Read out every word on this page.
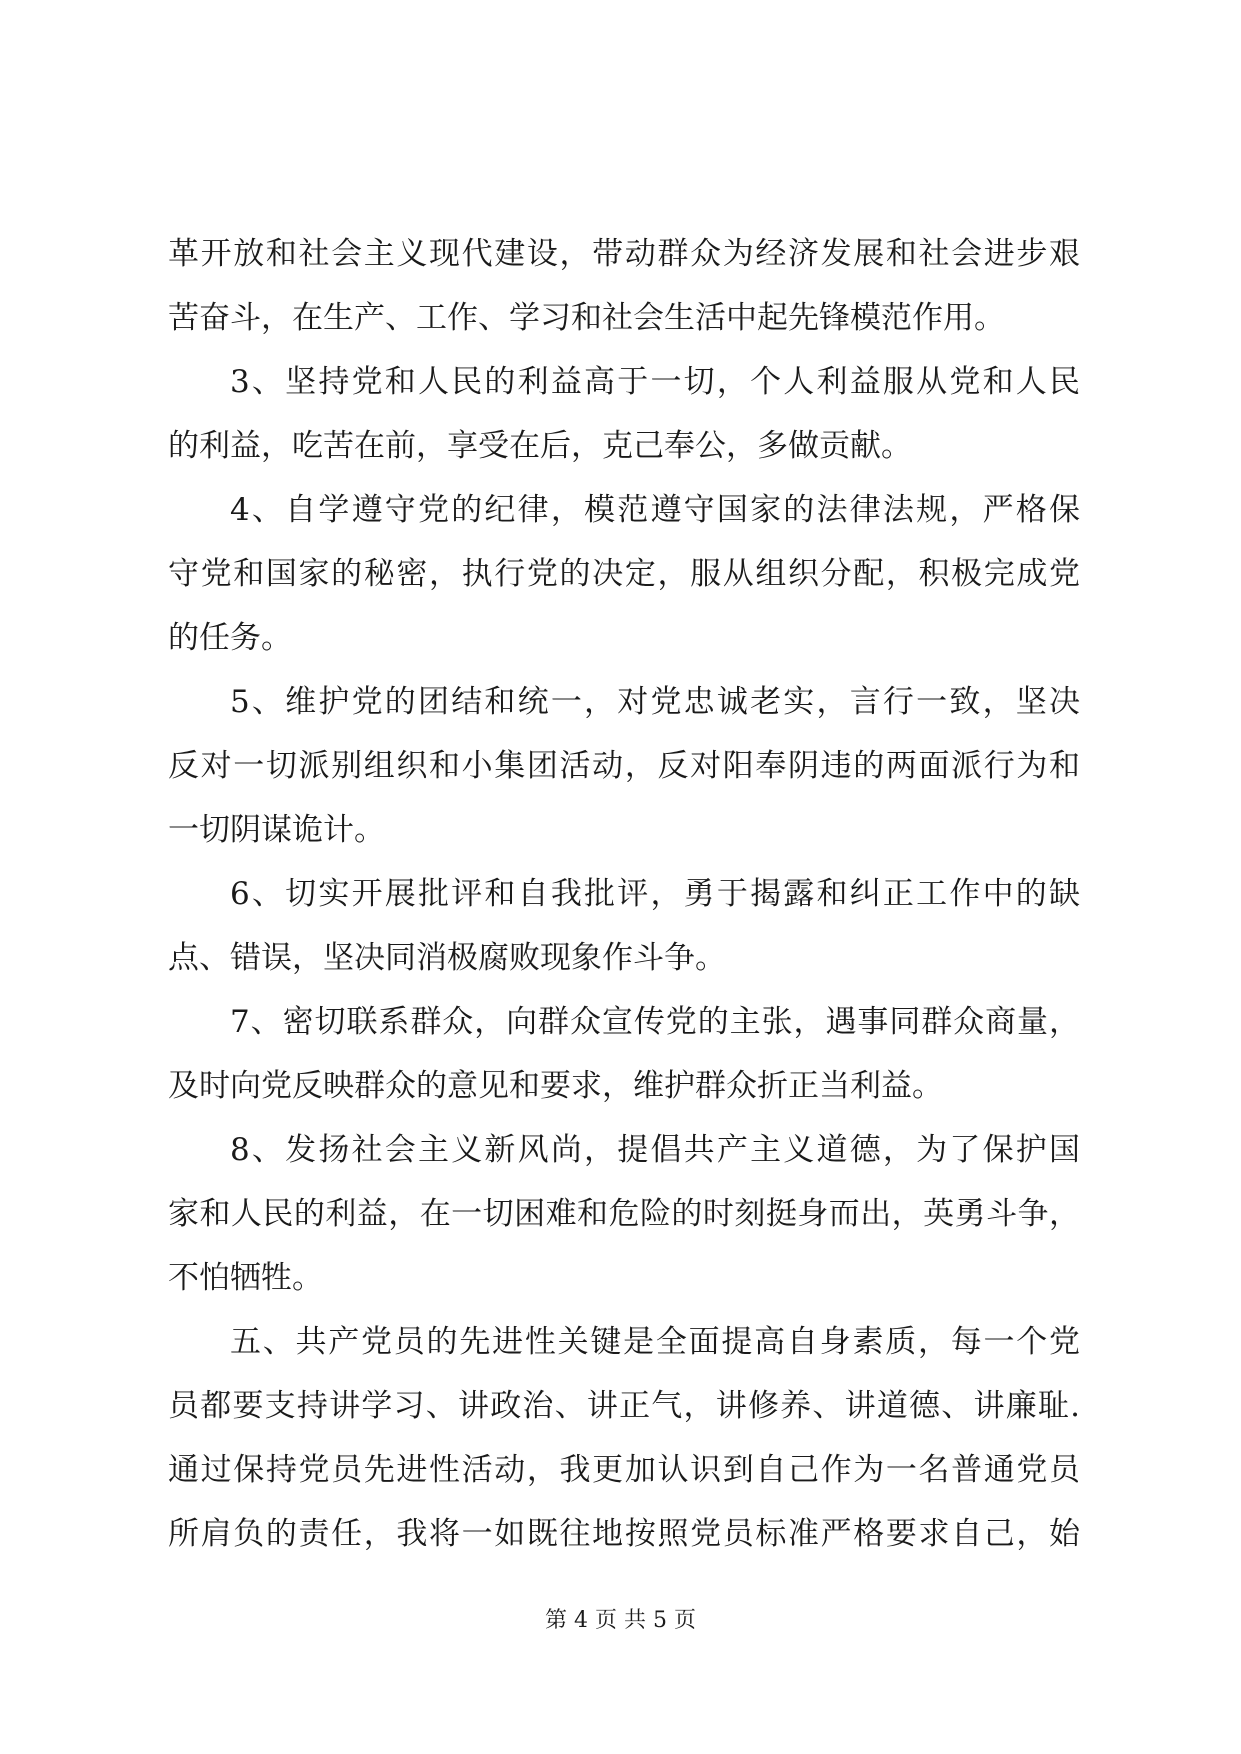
革开放和社会主义现代建设，带动群众为经济发展和社会进步艰
苦奋斗，在生产、工作、学习和社会生活中起先锋模范作用。
3、坚持党和人民的利益高于一切，个人利益服从党和人民
的利益，吃苦在前，享受在后，克己奉公，多做贡献。
4、自学遵守党的纪律，模范遵守国家的法律法规，严格保
守党和国家的秘密，执行党的决定，服从组织分配，积极完成党
的任务。
5、维护党的团结和统一，对党忠诚老实，言行一致，坚决
反对一切派别组织和小集团活动，反对阳奉阴违的两面派行为和
一切阴谋诡计。
6、切实开展批评和自我批评，勇于揭露和纠正工作中的缺
点、错误，坚决同消极腐败现象作斗争。
7、密切联系群众，向群众宣传党的主张，遇事同群众商量，
及时向党反映群众的意见和要求，维护群众折正当利益。
8、发扬社会主义新风尚，提倡共产主义道德，为了保护国
家和人民的利益，在一切困难和危险的时刻挺身而出，英勇斗争，
不怕牺牲。
五、共产党员的先进性关键是全面提高自身素质，每一个党
员都要支持讲学习、讲政治、讲正气，讲修养、讲道德、讲廉耻.
通过保持党员先进性活动，我更加认识到自己作为一名普通党员
所肩负的责任，我将一如既往地按照党员标准严格要求自己，始
第 4 页 共 5 页
